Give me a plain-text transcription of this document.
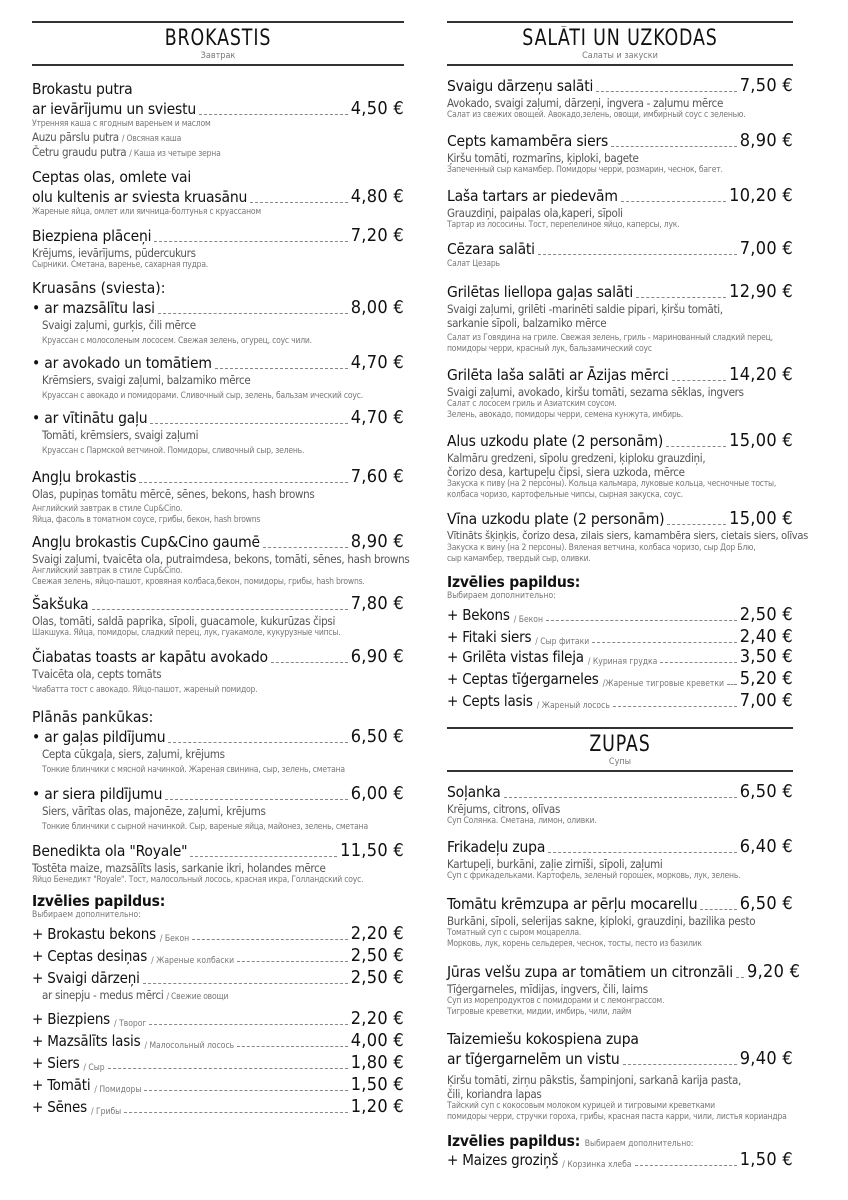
BROKASTIS
Завтрак
Brokastu putra
ar ievārījumu un sviestu	4,50 €
Утренняя каша с ягодным вареньем и маслом
Auzu pārslu putra / Овсяная каша
Četru graudu putra / Каша из четыре зерна
Ceptas olas, omlete vai
olu kultenis ar sviesta kruasānu	4,80 €
Жареные яйца, омлет или яичница-болтунья с круассаном
Biezpiena plāceņi	7,20 €
Krējums, ievārījums, pūdercukurs
Сырники. Сметана, варенье, сахарная пудра.
Kruasāns (sviesta):
• ar mazsālītu lasi	8,00 €
Svaigi zaļumi, gurķis, čili mērce
Круассан с молосоленым лососем. Свежая зелень, огурец, соус чили.
• ar avokado un tomātiem	4,70 €
Krēmsiers, svaigi zaļumi, balzamiko mērce
Круассан с авокадо и помидорами. Сливочный сыр, зелень, бальзам ический соус.
• ar vītinātu gaļu	4,70 €
Tomāti, krēmsiers, svaigi zaļumi
Круассан с Пармской ветчиной. Помидоры, сливочный сыр, зелень.
Angļu brokastis	7,60 €
Olas, pupiņas tomātu mērcē, sēnes, bekons, hash browns
Английский завтрак в стиле Cup&Cino.
Яйца, фасоль в томатном соусе, грибы, бекон, hash browns
Angļu brokastis Cup&Cino gaumē	8,90 €
Svaigi zaļumi, tvaicēta ola, putraimdesa, bekons, tomāti, sēnes, hash browns
Английский завтрак в стиле Cup&Cino.
Свежая зелень, яйцо-пашот, кровяная колбаса,бекон, помидоры, грибы, hash browns.
Šakšuka	7,80 €
Olas, tomāti, saldā paprika, sīpoli, guacamole, kukurūzas čipsi
Шакшука. Яйца, помидоры, сладкий перец, лук, гуакамоле, кукурузные чипсы.
Čiabatas toasts ar kapātu avokado	6,90 €
Tvaicēta ola, cepts tomāts
Чиабатта тост с авокадо. Яйцо-пашот, жареный помидор.
Plānās pankūkas:
• ar gaļas pildījumu	6,50 €
Cepta cūkgaļa, siers, zaļumi, krējums
Тонкие блинчики с мясной начинкой. Жареная свинина, сыр, зелень, сметана
• ar siera pildījumu	6,00 €
Siers, vārītas olas, majonēze, zaļumi, krējums
Тонкие блинчики с сырной начинкой. Сыр, вареные яйца, майонез, зелень, сметана
Benedikta ola "Royale"	11,50 €
Tostēta maize, mazsālīts lasis, sarkanie ikri, holandes mērce
Яйцо Бенедикт "Royale". Тост, малосольный лосось, красная икра, Голландский соус.
Izvēlies papildus:
Выбираем дополнительно:
+ Brokastu bekons / Бекон	2,20 €
+ Ceptas desiņas / Жареные колбаски	2,50 €
+ Svaigi dārzeņi	2,50 €
ar sinepju - medus mērci / Свежие овощи
+ Biezpiens / Творог	2,20 €
+ Mazsālīts lasis / Малосольный лосось	4,00 €
+ Siers / Сыр	1,80 €
+ Tomāti / Помидоры	1,50 €
+ Sēnes / Грибы	1,20 €
SALĀTI UN UZKODAS
Салаты и закуски
Svaigu dārzeņu salāti	7,50 €
Avokado, svaigi zaļumi, dārzeņi, ingvera - zaļumu mērce
Салат из свежих овощей. Авокадо,зелень, овощи, имбирный соус с зеленью.
Cepts kamambēra siers	8,90 €
Ķiršu tomāti, rozmarīns, ķiploki, bagete
Запеченный сыр камамбер. Помидоры черри, розмарин, чеснок, багет.
Laša tartars ar piedevām	10,20 €
Grauzdiņi, paipalas ola,kaperi, sīpoli
Тартар из лососины. Тост, перепелиное яйцо, каперсы, лук.
Cēzara salāti	7,00 €
Салат Цезарь
Grilētas liellopa gaļas salāti	12,90 €
Svaigi zaļumi, grilēti -marinēti saldie pipari, ķiršu tomāti,
sarkanie sīpoli, balzamiko mērce
Салат из Говядина на гриле. Свежая зелень, гриль - маринованный сладкий перец,
помидоры черри, красный лук, бальзамический соус
Grilēta laša salāti ar Āzijas mērci	14,20 €
Svaigi zaļumi, avokado, kiršu tomāti, sezama sēklas, ingvers
Салат с лососем гриль и Азиатским соусом.
Зелень, авокадо, помидоры черри, семена кунжута, имбирь.
Alus uzkodu plate (2 personām)	15,00 €
Kalmāru gredzeni, sīpolu gredzeni, ķiploku grauzdiņi,
čorizo desa, kartupeļu čipsi, siera uzkoda, mērce
Закуска к пиву (на 2 персоны). Кольца кальмара, луковые кольца, чесночные тосты,
колбаса чоризо, картофельные чипсы, сырная закуска, соус.
Vīna uzkodu plate (2 personām)	15,00 €
Vītināts šķiņķis, čorizo desa, zilais siers, kamambēra siers, cietais siers, olīvas
Закуска к вину (на 2 персоны). Вяленая ветчина, колбаса чоризо, сыр Дор Блю,
сыр камамбер, твердый сыр, оливки.
Izvēlies papildus:
Выбираем дополнительно:
+ Bekons / Бекон	2,50 €
+ Fitaki siers / Сыр фитаки	2,40 €
+ Grilēta vistas fileja / Куриная грудка	3,50 €
+ Ceptas tīģergarneles /Жареные тигровые креветки 5,20 €
+ Cepts lasis / Жареный лосось	7,00 €
ZUPAS
Супы
Soļanka	6,50 €
Krējums, citrons, olīvas
Суп Солянка. Сметана, лимон, оливки.
Frikadeļu zupa	6,40 €
Kartupeļi, burkāni, zaļie zirnīši, sīpoli, zaļumi
Суп с фрикадельками. Картофель, зеленый горошек, морковь, лук, зелень.
Tomātu krēmzupa ar pērļu mocarellu 6,50 €
Burkāni, sīpoli, selerijas sakne, ķiploki, grauzdiņi, bazilika pesto
Томатный суп с сыром моцарелла.
Морковь, лук, корень сельдерея, чеснок, тосты, песто из базилик
Jūras velšu zupa ar tomātiem un citronzāli 9,20 €
Tīģergarneles, mīdijas, ingvers, čili, laims
Суп из морепродуктов с помидорами и с лемонграссом.
Тигровые креветки, мидии, имбирь, чили, лайм
Taizemiešu kokospiena zupa
ar tīģergarnelēm un vistu	9,40 €
Ķiršu tomāti, zirņu pākstis, šampinjoni, sarkanā karija pasta,
čili, koriandra lapas
Тайский суп с кокосовым молоком курицей и тигровыми креветками
помидоры черри, стручки гороха, грибы, красная паста карри, чили, листья кориандра
Izvēlies papildus: Выбираем дополнительно:
+ Maizes groziņš / Корзинка хлеба	1,50 €
